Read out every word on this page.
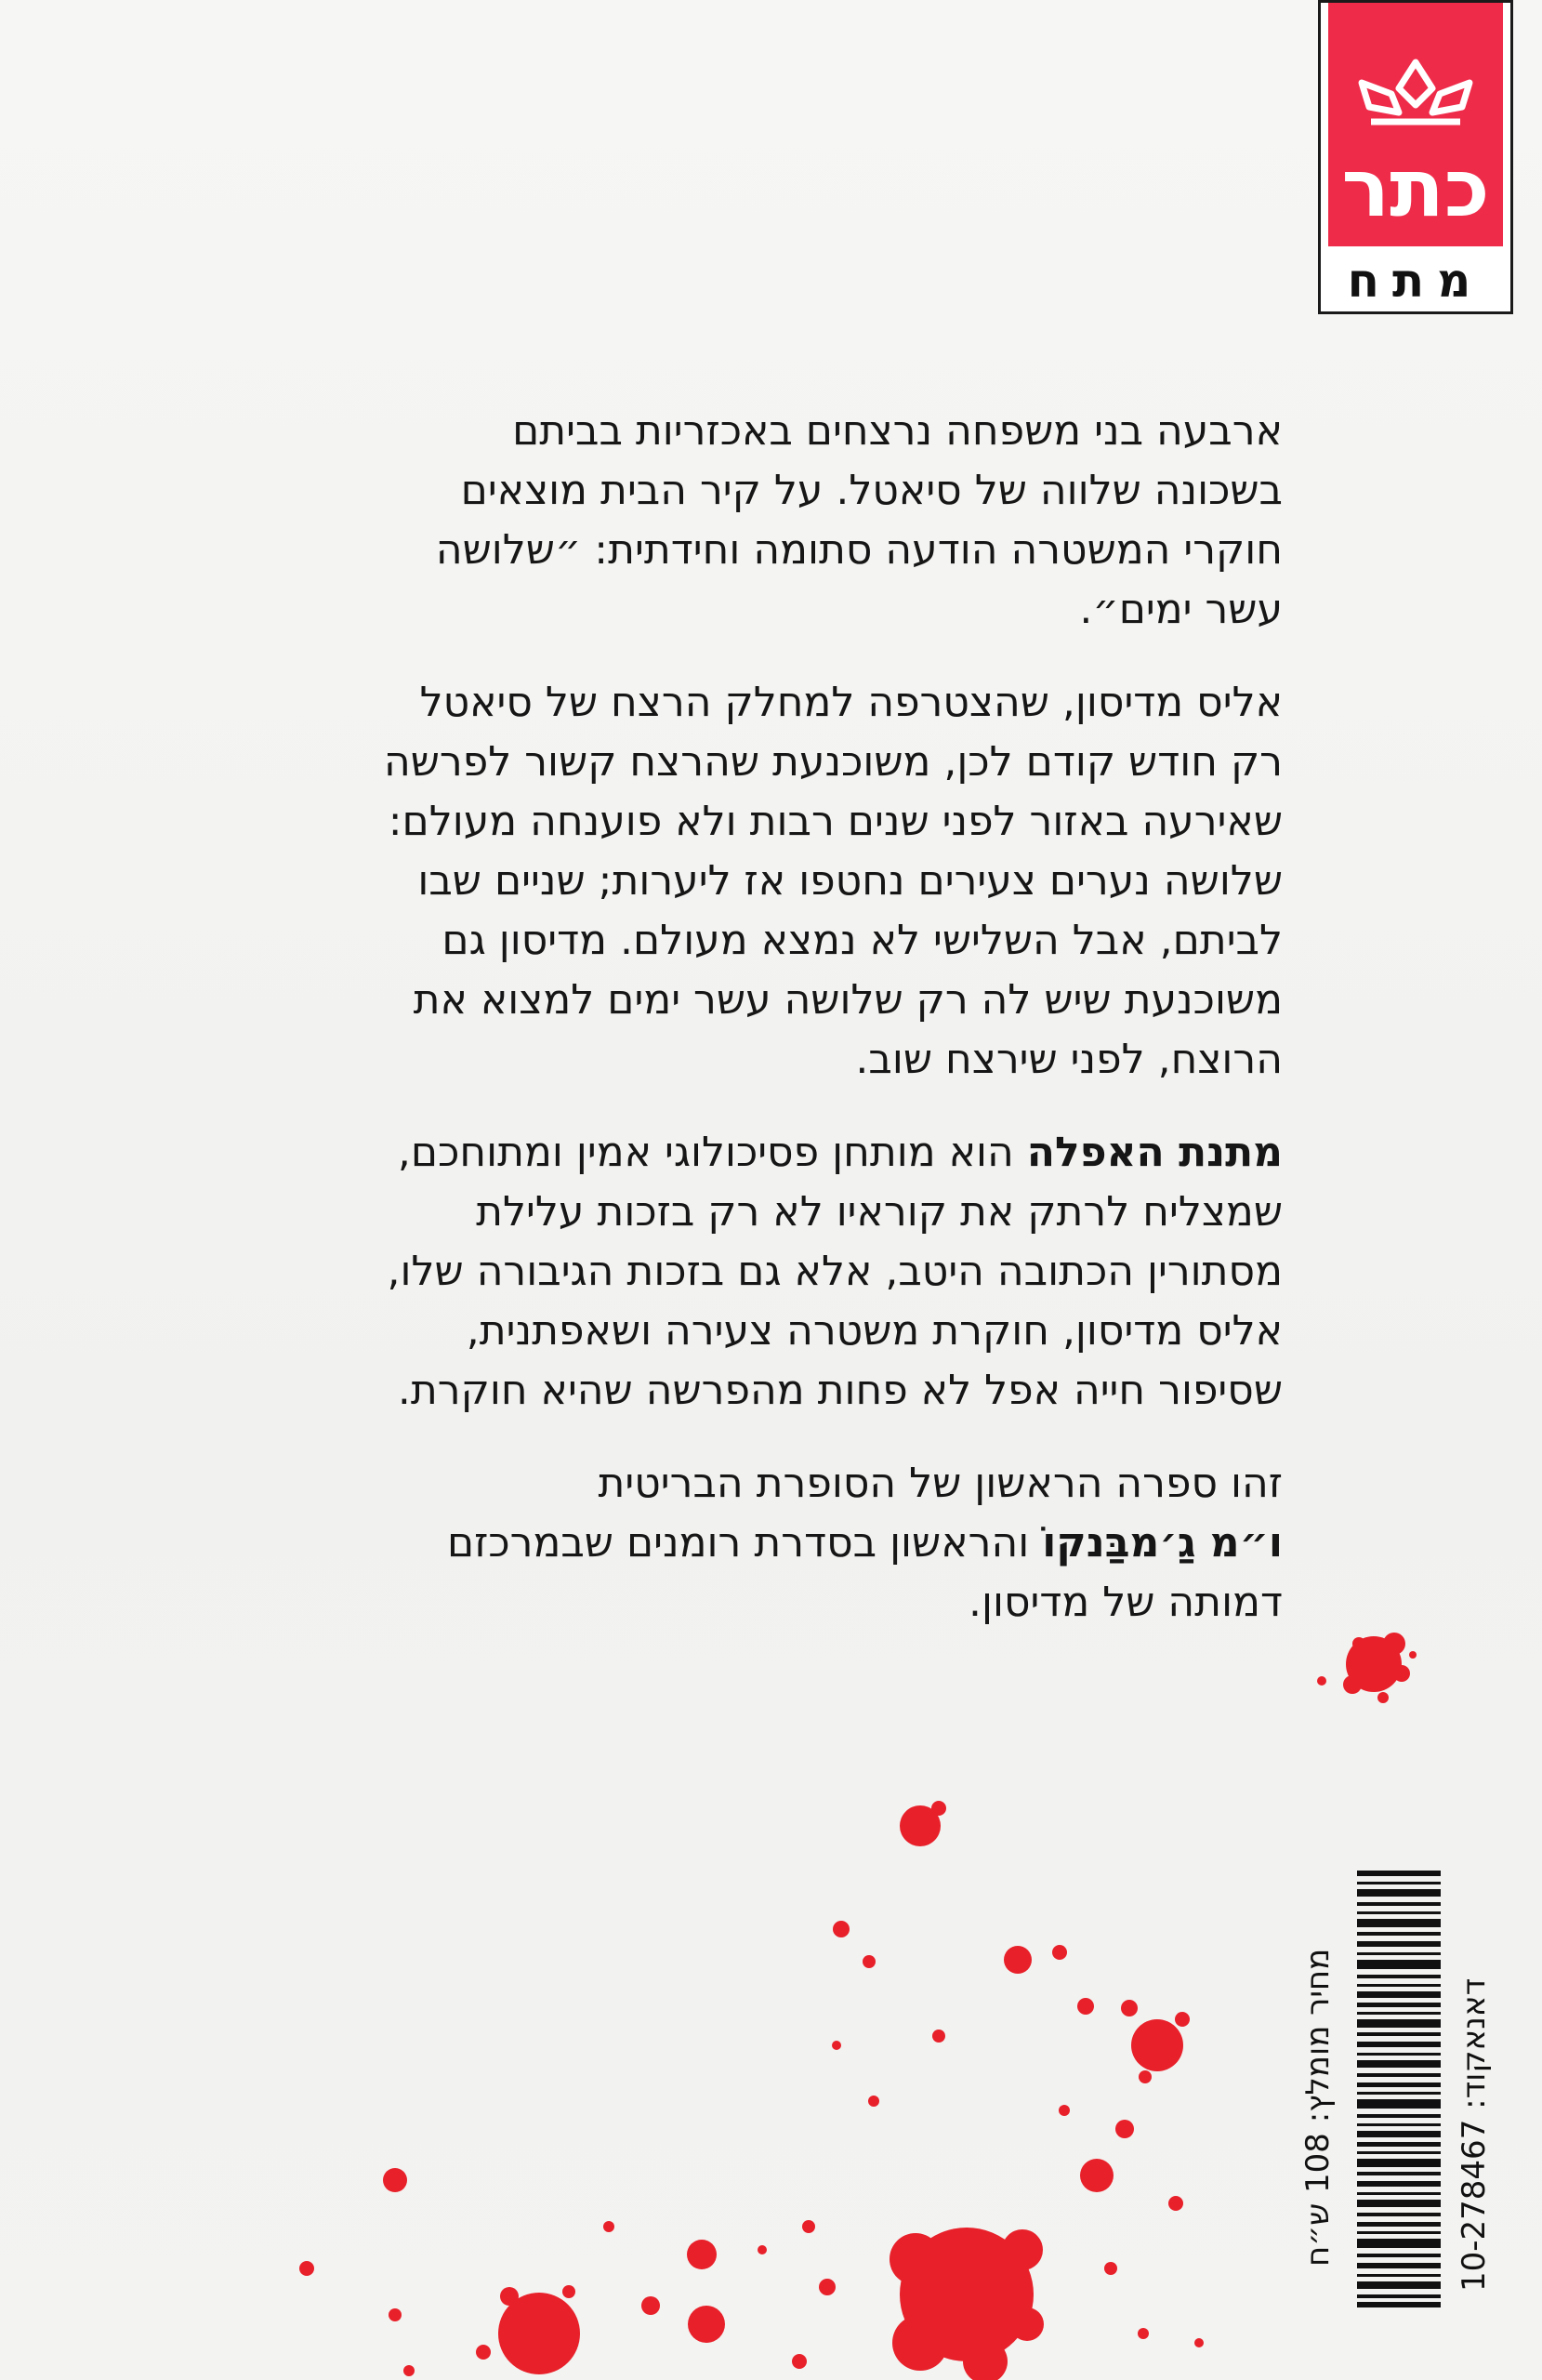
כתר
מתח
ארבעה בני משפחה נרצחים באכזריות בביתם
בשכונה שלווה של סיאטל. על קיר הבית מוצאים
חוקרי המשטרה הודעה סתומה וחידתית: ״שלושה
עשר ימים״.
אליס מדיסון, שהצטרפה למחלק הרצח של סיאטל
רק חודש קודם לכן, משוכנעת שהרצח קשור לפרשה
שאירעה באזור לפני שנים רבות ולא פוענחה מעולם:
שלושה נערים צעירים נחטפו אז ליערות; שניים שבו
לביתם, אבל השלישי לא נמצא מעולם. מדיסון גם
משוכנעת שיש לה רק שלושה עשר ימים למצוא את
הרוצח, לפני שירצח שוב.
מתנת האפלה הוא מותחן פסיכולוגי אמין ומתוחכם,
שמצליח לרתק את קוראיו לא רק בזכות עלילת
מסתורין הכתובה היטב, אלא גם בזכות הגיבורה שלו,
אליס מדיסון, חוקרת משטרה צעירה ושאפתנית,
שסיפור חייה אפל לא פחות מהפרשה שהיא חוקרת.
זהו ספרה הראשון של הסופרת הבריטית
ו״מ גַ׳מבַּנקוֹ והראשון בסדרת רומנים שבמרכזם
דמותה של מדיסון.
מחיר מומלץ: 108 ש״ח
דאנאקוד: 10-278467
